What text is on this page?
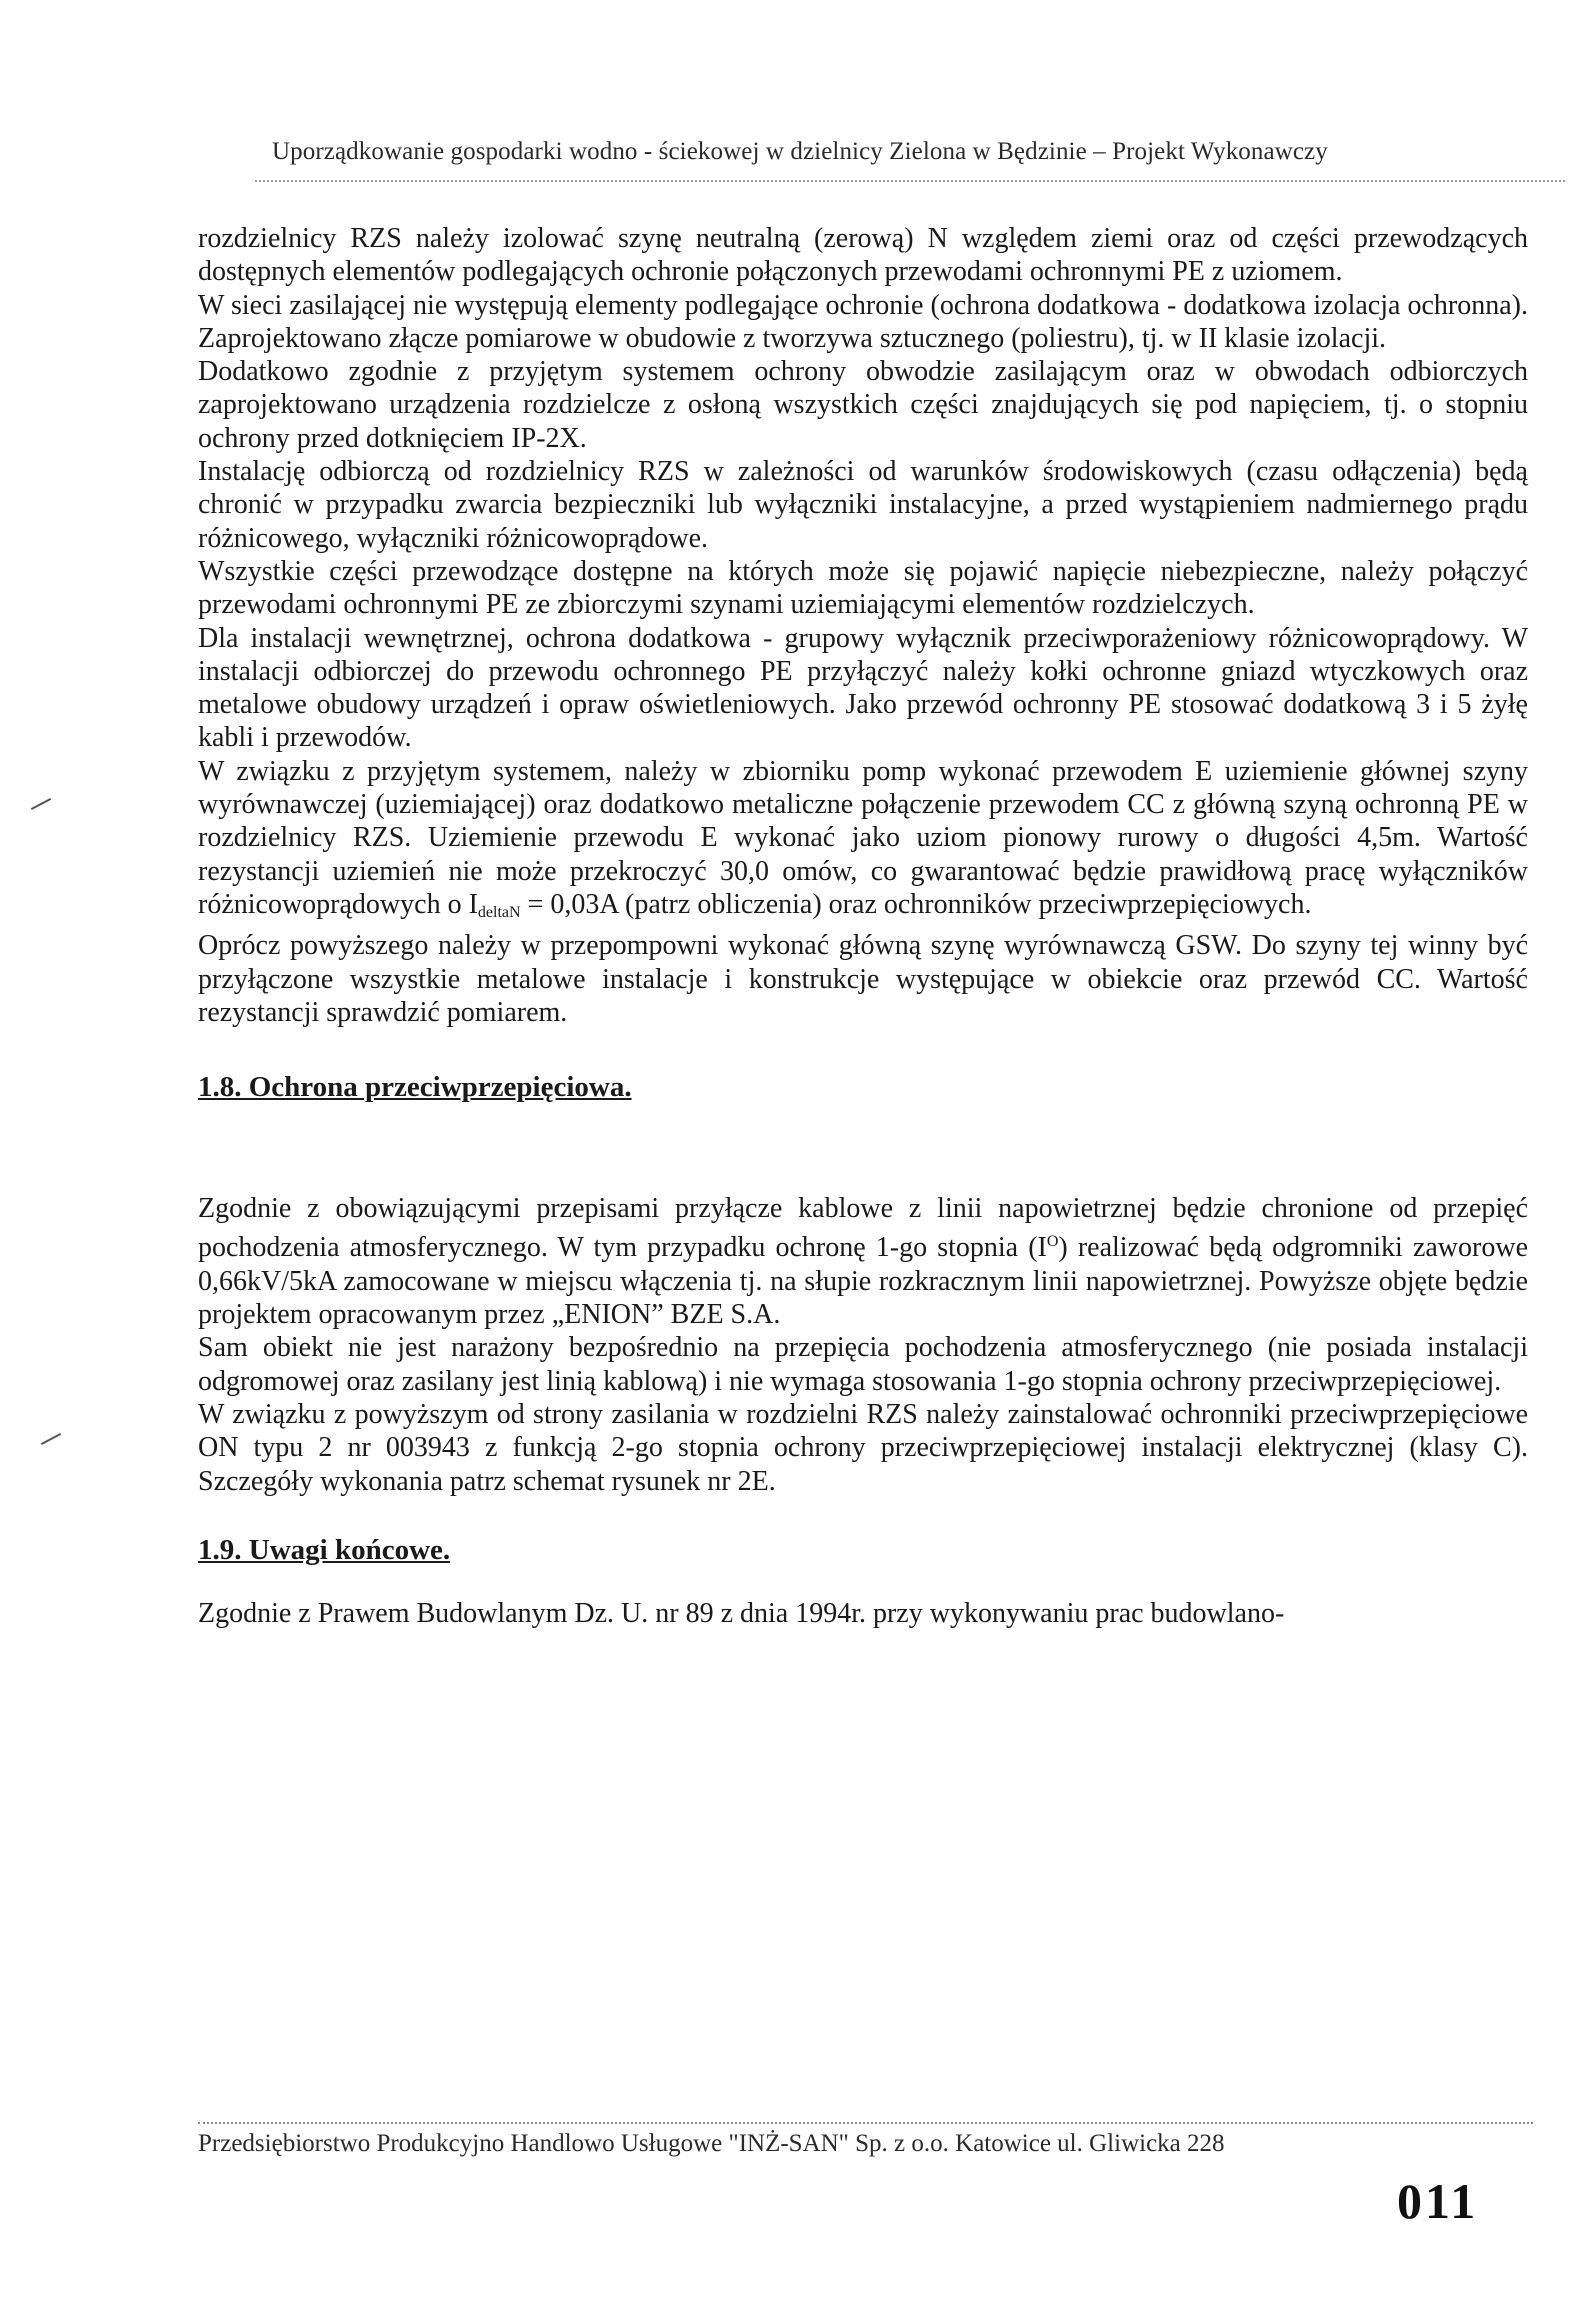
Uporządkowanie gospodarki wodno - ściekowej w dzielnicy Zielona w Będzinie – Projekt Wykonawczy

rozdzielnicy RZS należy izolować szynę neutralną (zerową) N względem ziemi oraz od części przewodzących dostępnych elementów podlegających ochronie połączonych przewodami ochronnymi PE z uziomem.

W sieci zasilającej nie występują elementy podlegające ochronie (ochrona dodatkowa - dodatkowa izolacja ochronna). Zaprojektowano złącze pomiarowe w obudowie z tworzywa sztucznego (poliestru), tj. w II klasie izolacji.

Dodatkowo zgodnie z przyjętym systemem ochrony obwodzie zasilającym oraz w obwodach odbiorczych zaprojektowano urządzenia rozdzielcze z osłoną wszystkich części znajdujących się pod napięciem, tj. o stopniu ochrony przed dotknięciem IP-2X.

Instalację odbiorczą od rozdzielnicy RZS w zależności od warunków środowiskowych (czasu odłączenia) będą chronić w przypadku zwarcia bezpieczniki lub wyłączniki instalacyjne, a przed wystąpieniem nadmiernego prądu różnicowego, wyłączniki różnicowoprądowe.

Wszystkie części przewodzące dostępne na których może się pojawić napięcie niebezpieczne, należy połączyć przewodami ochronnymi PE ze zbiorczymi szynami uziemiającymi elementów rozdzielczych.

Dla instalacji wewnętrznej, ochrona dodatkowa - grupowy wyłącznik przeciwporażeniowy różnicowoprądowy. W instalacji odbiorczej do przewodu ochronnego PE przyłączyć należy kołki ochronne gniazd wtyczkowych oraz metalowe obudowy urządzeń i opraw oświetleniowych. Jako przewód ochronny PE stosować dodatkową 3 i 5 żyłę kabli i przewodów.

W związku z przyjętym systemem, należy w zbiorniku pomp wykonać przewodem E uziemienie głównej szyny wyrównawczej (uziemiającej) oraz dodatkowo metaliczne połączenie przewodem CC z główną szyną ochronną PE w rozdzielnicy RZS. Uziemienie przewodu E wykonać jako uziom pionowy rurowy o długości 4,5m. Wartość rezystancji uziemień nie może przekroczyć 30,0 omów, co gwarantować będzie prawidłową pracę wyłączników różnicowoprądowych o $I_{deltaN} = 0,03A$ (patrz obliczenia) oraz ochronników przeciwprzepięciowych.

Oprócz powyższego należy w przepompowni wykonać główną szynę wyrównawczą GSW. Do szyny tej winny być przyłączone wszystkie metalowe instalacje i konstrukcje występujące w obiekcie oraz przewód CC. Wartość rezystancji sprawdzić pomiarem.

1.8. Ochrona przeciwprzepięciowa.

Zgodnie z obowiązującymi przepisami przyłącze kablowe z linii napowietrznej będzie chronione od przepięć pochodzenia atmosferycznego. W tym przypadku ochronę 1-go stopnia $(I^O)$ realizować będą odgromniki zaworowe 0,66kV/5kA zamocowane w miejscu włączenia tj. na słupie rozkracznym linii napowietrznej. Powyższe objęte będzie projektem opracowanym przez „ENION” BZE S.A.

Sam obiekt nie jest narażony bezpośrednio na przepięcia pochodzenia atmosferycznego (nie posiada instalacji odgromowej oraz zasilany jest linią kablową) i nie wymaga stosowania 1-go stopnia ochrony przeciwprzepięciowej.

W związku z powyższym od strony zasilania w rozdzielni RZS należy zainstalować ochronniki przeciwprzepięciowe ON typu 2 nr 003943 z funkcją 2-go stopnia ochrony przeciwprzepięciowej instalacji elektrycznej (klasy C). Szczegóły wykonania patrz schemat rysunek nr 2E.

1.9. Uwagi końcowe.

Zgodnie z Prawem Budowlanym Dz. U. nr 89 z dnia 1994r. przy wykonywaniu prac budowlano-

Przedsiębiorstwo Produkcyjno Handlowo Usługowe "INŻ-SAN" Sp. z o.o. Katowice ul. Gliwicka 228
011
